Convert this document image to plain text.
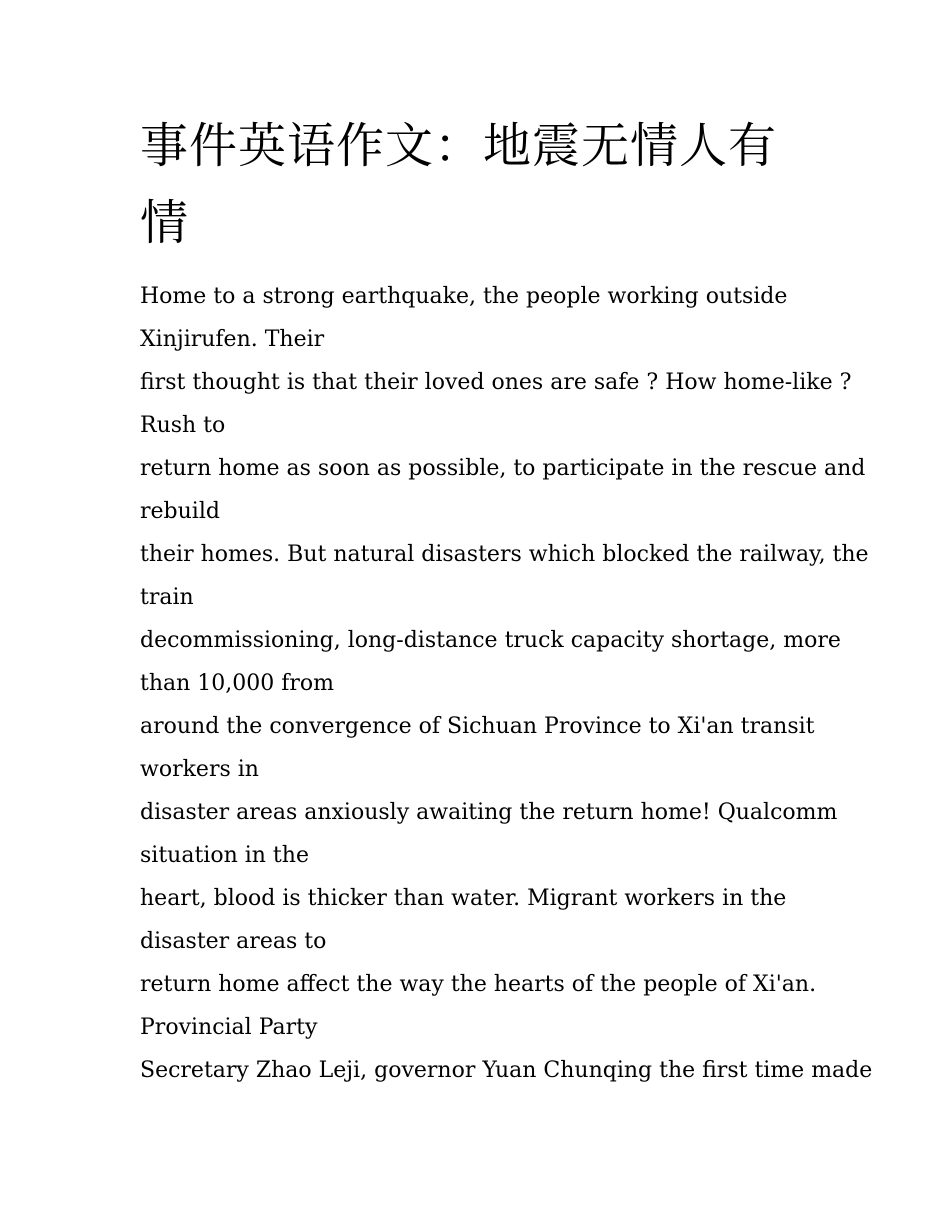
事件英语作文：地震无情人有情
Home to a strong earthquake, the people working outside
Xinjirufen. Their
first thought is that their loved ones are safe ? How home-like ?
Rush to
return home as soon as possible, to participate in the rescue and
rebuild
their homes. But natural disasters which blocked the railway, the
train
decommissioning, long-distance truck capacity shortage, more
than 10,000 from
around the convergence of Sichuan Province to Xi'an transit
workers in
disaster areas anxiously awaiting the return home! Qualcomm
situation in the
heart, blood is thicker than water. Migrant workers in the
disaster areas to
return home affect the way the hearts of the people of Xi'an.
Provincial Party
Secretary Zhao Leji, governor Yuan Chunqing the first time made
